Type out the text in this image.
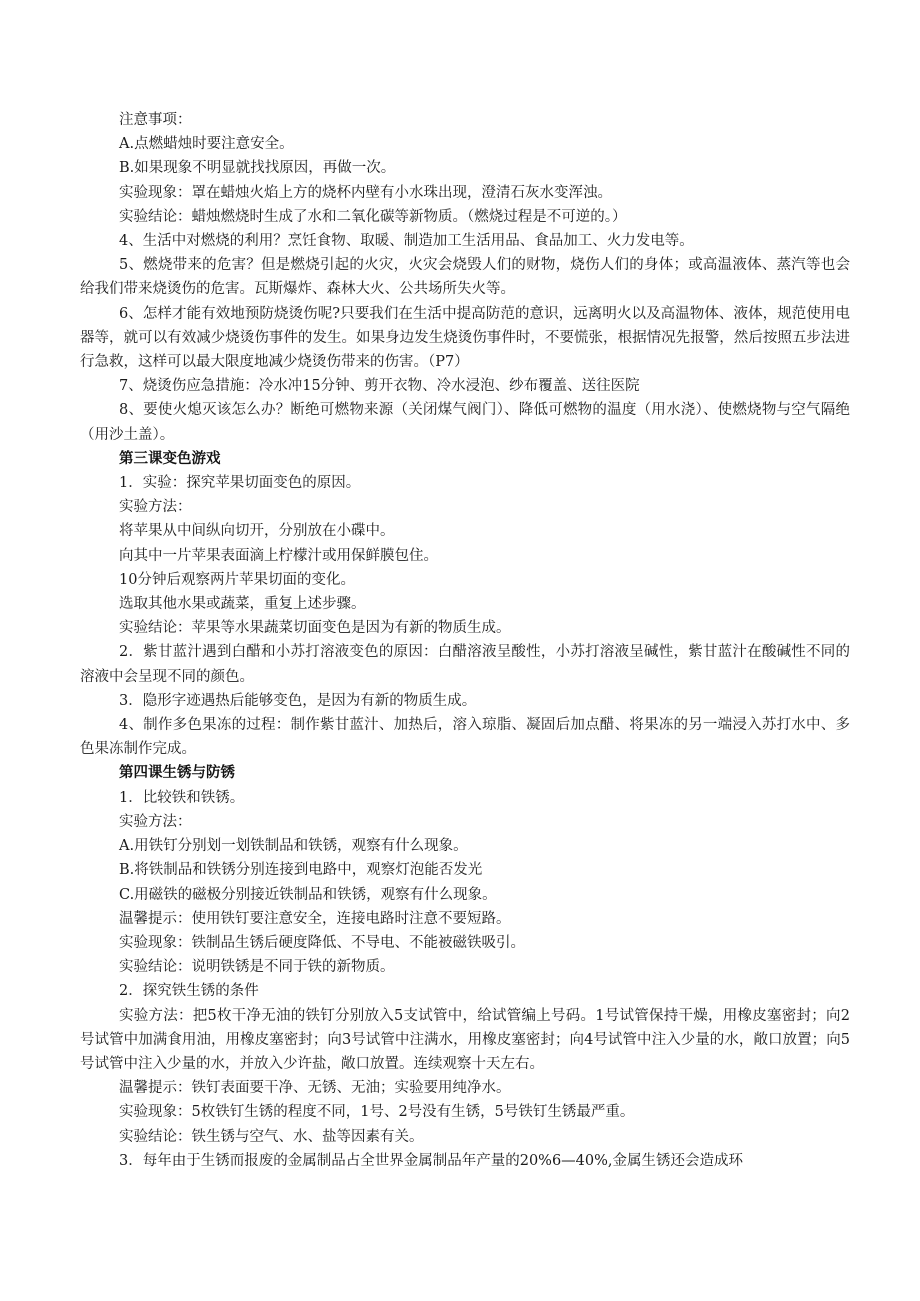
注意事项：

A.点燃蜡烛时要注意安全。

B.如果现象不明显就找找原因，再做一次。

实验现象：罩在蜡烛火焰上方的烧杯内壁有小水珠出现，澄清石灰水变浑浊。

实验结论：蜡烛燃烧时生成了水和二氧化碳等新物质。（燃烧过程是不可逆的。）

4、生活中对燃烧的利用？烹饪食物、取暖、制造加工生活用品、食品加工、火力发电等。

5、燃烧带来的危害？但是燃烧引起的火灾，火灾会烧毁人们的财物，烧伤人们的身体；或高温液体、蒸汽等也会给我们带来烧烫伤的危害。瓦斯爆炸、森林大火、公共场所失火等。

6、怎样才能有效地预防烧烫伤呢?只要我们在生活中提高防范的意识，远离明火以及高温物体、液体，规范使用电器等，就可以有效减少烧烫伤事件的发生。如果身边发生烧烫伤事件时，不要慌张，根据情况先报警，然后按照五步法进行急救，这样可以最大限度地减少烧烫伤带来的伤害。（P7）

7、烧烫伤应急措施：冷水冲15分钟、剪开衣物、冷水浸泡、纱布覆盖、送往医院

8、要使火熄灭该怎么办？断绝可燃物来源（关闭煤气阀门）、降低可燃物的温度（用水浇）、使燃烧物与空气隔绝（用沙土盖）。

第三课变色游戏

1．实验：探究苹果切面变色的原因。

实验方法：

将苹果从中间纵向切开，分别放在小碟中。

向其中一片苹果表面滴上柠檬汁或用保鲜膜包住。

10分钟后观察两片苹果切面的变化。

选取其他水果或蔬菜，重复上述步骤。

实验结论：苹果等水果蔬菜切面变色是因为有新的物质生成。

2．紫甘蓝汁遇到白醋和小苏打溶液变色的原因：白醋溶液呈酸性，小苏打溶液呈碱性，紫甘蓝汁在酸碱性不同的溶液中会呈现不同的颜色。

3．隐形字迹遇热后能够变色，是因为有新的物质生成。

4、制作多色果冻的过程：制作紫甘蓝汁、加热后，溶入琼脂、凝固后加点醋、将果冻的另一端浸入苏打水中、多色果冻制作完成。

第四课生锈与防锈

1．比较铁和铁锈。

实验方法：

A.用铁钉分别划一划铁制品和铁锈，观察有什么现象。

B.将铁制品和铁锈分别连接到电路中，观察灯泡能否发光

C.用磁铁的磁极分别接近铁制品和铁锈，观察有什么现象。

温馨提示：使用铁钉要注意安全，连接电路时注意不要短路。

实验现象：铁制品生锈后硬度降低、不导电、不能被磁铁吸引。

实验结论：说明铁锈是不同于铁的新物质。

2．探究铁生锈的条件

实验方法：把5枚干净无油的铁钉分别放入5支试管中，给试管编上号码。1号试管保持干燥，用橡皮塞密封；向2号试管中加满食用油，用橡皮塞密封；向3号试管中注满水，用橡皮塞密封；向4号试管中注入少量的水，敞口放置；向5号试管中注入少量的水，并放入少许盐，敞口放置。连续观察十天左右。

温馨提示：铁钉表面要干净、无锈、无油；实验要用纯净水。

实验现象：5枚铁钉生锈的程度不同，1号、2号没有生锈，5号铁钉生锈最严重。

实验结论：铁生锈与空气、水、盐等因素有关。

3．每年由于生锈而报废的金属制品占全世界金属制品年产量的20%6—40%,金属生锈还会造成环
